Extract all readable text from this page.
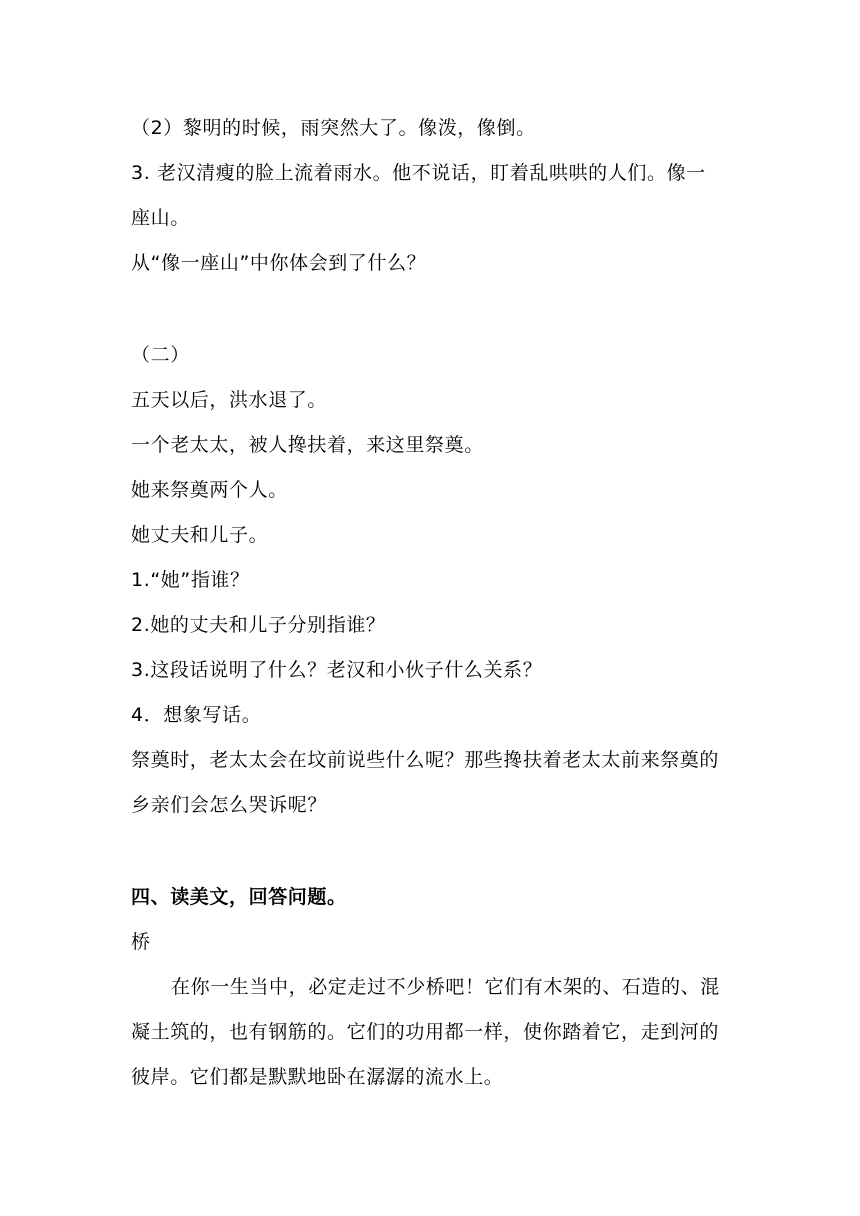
（2）黎明的时候，雨突然大了。像泼，像倒。
3. 老汉清瘦的脸上流着雨水。他不说话，盯着乱哄哄的人们。像一
座山。
从“像一座山”中你体会到了什么？
（二）
五天以后，洪水退了。
一个老太太，被人搀扶着，来这里祭奠。
她来祭奠两个人。
她丈夫和儿子。
1.“她”指谁？
2.她的丈夫和儿子分别指谁？
3.这段话说明了什么？老汉和小伙子什么关系？
4．想象写话。
祭奠时，老太太会在坟前说些什么呢？那些搀扶着老太太前来祭奠的
乡亲们会怎么哭诉呢？
四、读美文，回答问题。
桥
在你一生当中，必定走过不少桥吧！它们有木架的、石造的、混
凝土筑的，也有钢筋的。它们的功用都一样，使你踏着它，走到河的
彼岸。它们都是默默地卧在潺潺的流水上。
